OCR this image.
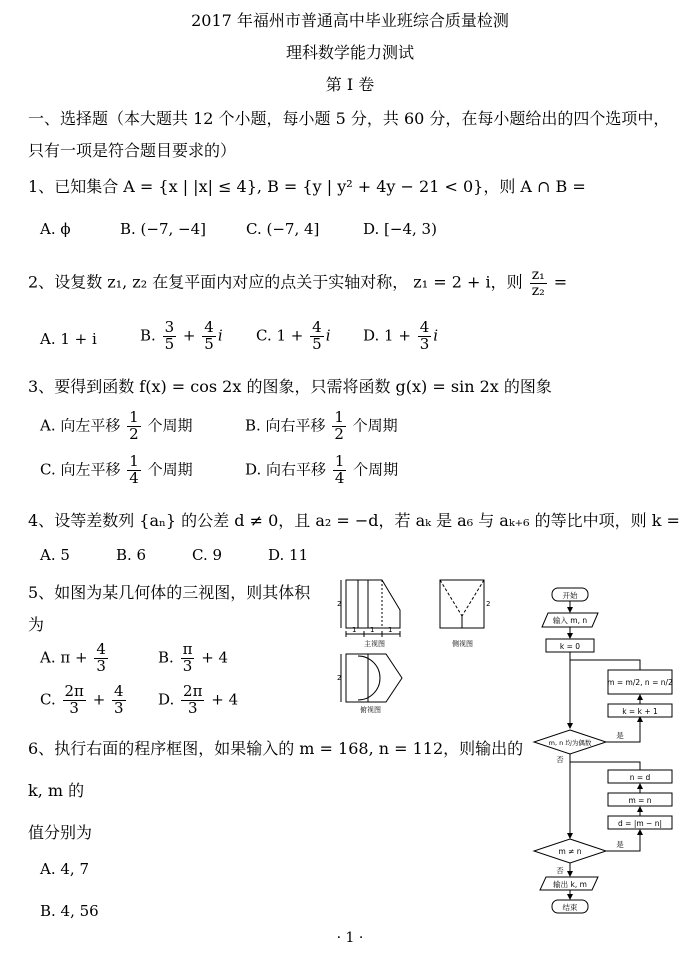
2017 年福州市普通高中毕业班综合质量检测
理科数学能力测试
第 I 卷
一、选择题（本大题共 12 个小题，每小题 5 分，共 60 分，在每小题给出的四个选项中，
只有一项是符合题目要求的）
1、已知集合 A = {x | |x| ≤ 4}, B = {y | y² + 4y − 21 < 0}，则 A ∩ B =
A. ϕ	B. (−7, −4]	C. (−7, 4]	D. [−4, 3)
2、设复数 z₁, z₂ 在复平面内对应的点关于实轴对称， z₁ = 2 + i，则 $\frac{\text{z₁}}{\text{z₂}}$ =
A. 1 + i	B. $\frac{3}{5} + \frac{4}{5}$ i C. $1 + \frac{4}{5}$ i D. $1 + \frac{4}{3}$ i
3、要得到函数 f(x) = cos 2x 的图象，只需将函数 g(x) = sin 2x 的图象
A. 向左平移 $\frac{1}{2}$ 个周期	B. 向右平移 $\frac{1}{2}$ 个周期
C. 向左平移 $\frac{1}{4}$ 个周期	D. 向右平移 $\frac{1}{4}$ 个周期
4、设等差数列 {aₙ} 的公差 d ≠ 0，且 a₂ = −d，若 aₖ 是 a₆ 与 aₖ₊₆ 的等比中项，则 k =
A. 5	B. 6	C. 9	D. 11
5、如图为某几何体的三视图，则其体积
为
A. $\pi + \frac{4}{3}$	B. $\frac{\pi}{3} + 4$
C. $\frac{2\pi}{3} + \frac{4}{3} D$. $\frac{2\pi}{3} + 4$
2
1 1 1
2
2
主视图	侧视图
俯视图
开始
输入 m, n
k = 0
m = m/2, n = n/2
k = k + 1
m, n 均为偶数
是
否
n = d
m = n
d = |m − n|
m ≠ n
是
否
输出 k, m
结束
6、执行右面的程序框图，如果输入的 m = 168, n = 112，则输出的
k, m 的
值分别为
A. 4, 7
B. 4, 56
· 1 ·
